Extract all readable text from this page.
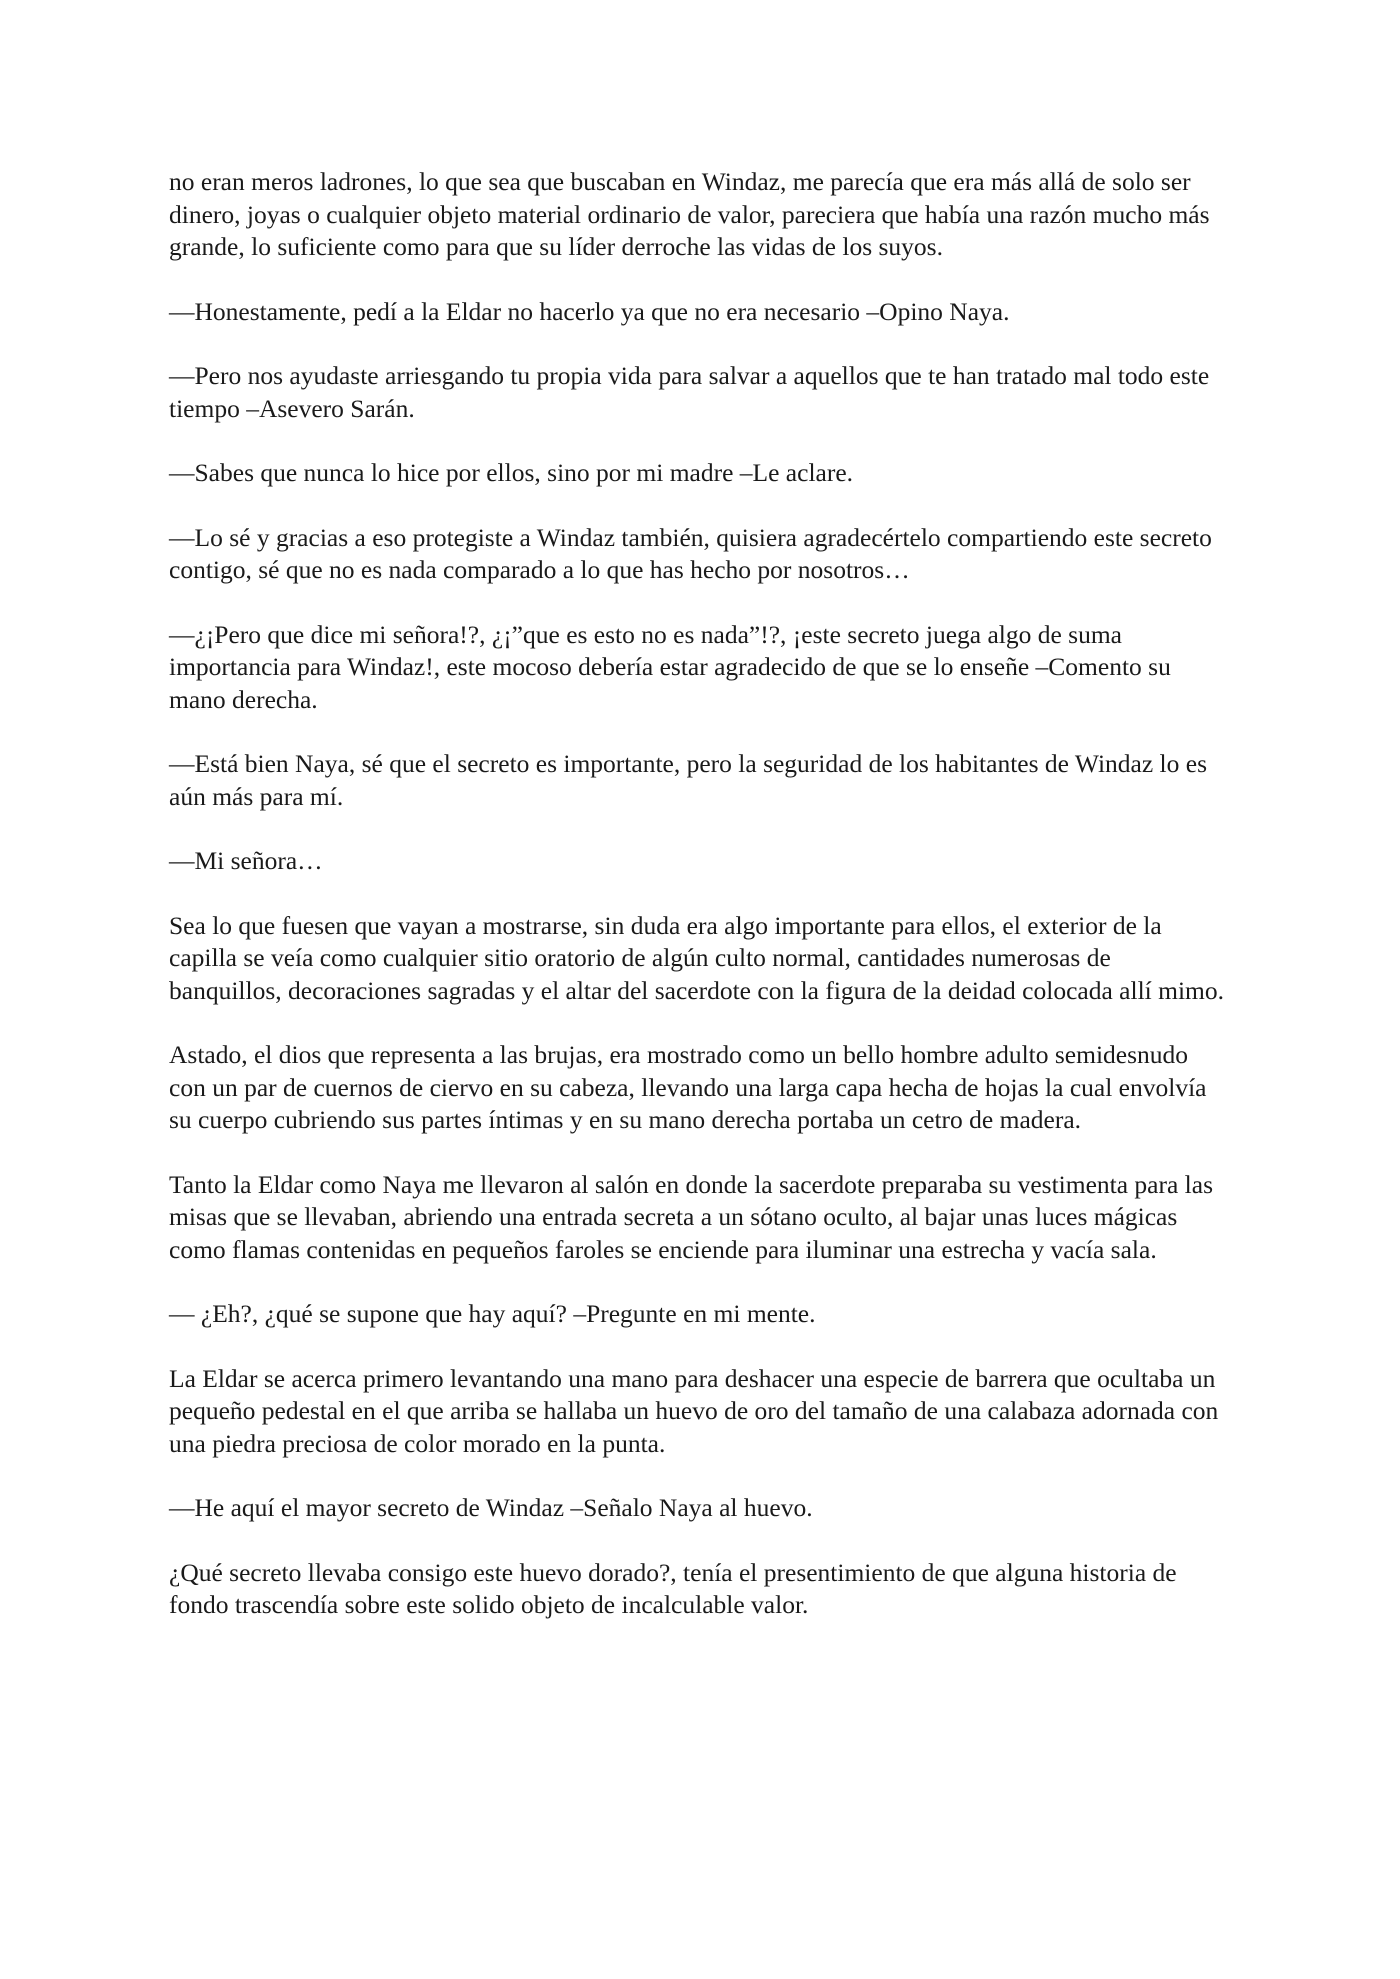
no eran meros ladrones, lo que sea que buscaban en Windaz, me parecía que era más allá de solo ser dinero, joyas o cualquier objeto material ordinario de valor, pareciera que había una razón mucho más grande, lo suficiente como para que su líder derroche las vidas de los suyos.

—Honestamente, pedí a la Eldar no hacerlo ya que no era necesario –Opino Naya.

—Pero nos ayudaste arriesgando tu propia vida para salvar a aquellos que te han tratado mal todo este tiempo –Asevero Sarán.

—Sabes que nunca lo hice por ellos, sino por mi madre –Le aclare.

—Lo sé y gracias a eso protegiste a Windaz también, quisiera agradecértelo compartiendo este secreto contigo, sé que no es nada comparado a lo que has hecho por nosotros…

—¿¡Pero que dice mi señora!?, ¿¡”que es esto no es nada”!?, ¡este secreto juega algo de suma importancia para Windaz!, este mocoso debería estar agradecido de que se lo enseñe –Comento su mano derecha.

—Está bien Naya, sé que el secreto es importante, pero la seguridad de los habitantes de Windaz lo es aún más para mí.

—Mi señora…

Sea lo que fuesen que vayan a mostrarse, sin duda era algo importante para ellos, el exterior de la capilla se veía como cualquier sitio oratorio de algún culto normal, cantidades numerosas de banquillos, decoraciones sagradas y el altar del sacerdote con la figura de la deidad colocada allí mimo.

Astado, el dios que representa a las brujas, era mostrado como un bello hombre adulto semidesnudo con un par de cuernos de ciervo en su cabeza, llevando una larga capa hecha de hojas la cual envolvía su cuerpo cubriendo sus partes íntimas y en su mano derecha portaba un cetro de madera.

Tanto la Eldar como Naya me llevaron al salón en donde la sacerdote preparaba su vestimenta para las misas que se llevaban, abriendo una entrada secreta a un sótano oculto, al bajar unas luces mágicas como flamas contenidas en pequeños faroles se enciende para iluminar una estrecha y vacía sala.

— ¿Eh?, ¿qué se supone que hay aquí? –Pregunte en mi mente.

La Eldar se acerca primero levantando una mano para deshacer una especie de barrera que ocultaba un pequeño pedestal en el que arriba se hallaba un huevo de oro del tamaño de una calabaza adornada con una piedra preciosa de color morado en la punta.

—He aquí el mayor secreto de Windaz –Señalo Naya al huevo.

¿Qué secreto llevaba consigo este huevo dorado?, tenía el presentimiento de que alguna historia de fondo trascendía sobre este solido objeto de incalculable valor.
